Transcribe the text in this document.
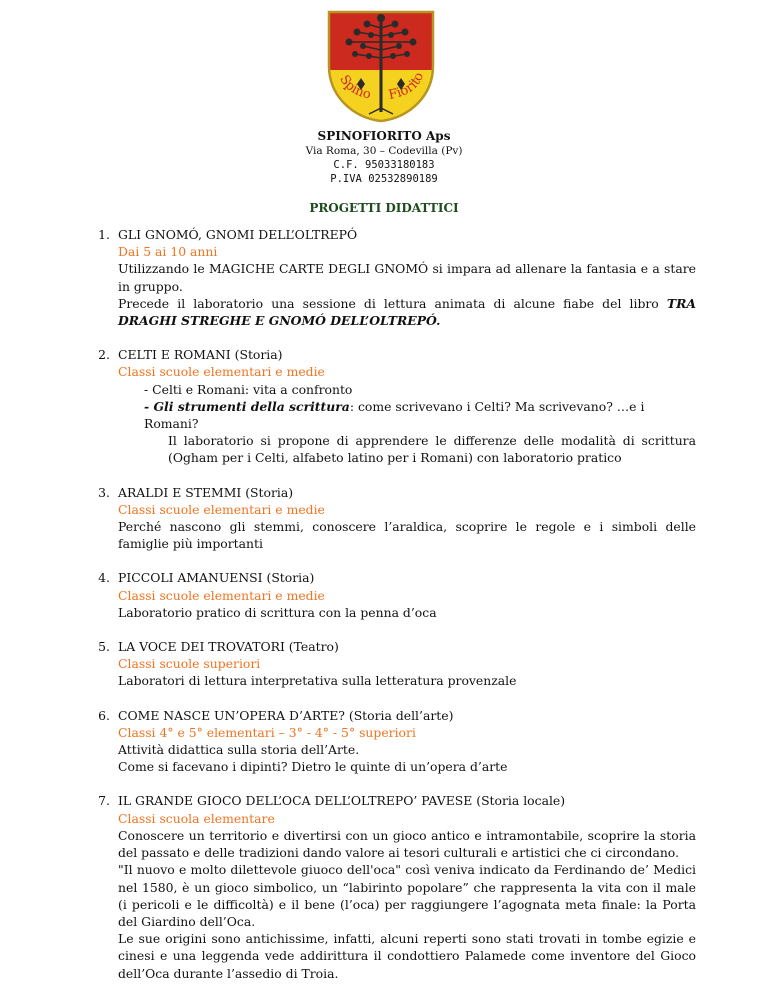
Spino Fiorito
SPINOFIORITO Aps
Via Roma, 30 – Codevilla (Pv)
C.F. 95033180183
P.IVA 02532890189
PROGETTI DIDATTICI
1. GLI GNOMÓ, GNOMI DELL’OLTREPÓ
Dai 5 ai 10 anni
Utilizzando le MAGICHE CARTE DEGLI GNOMÓ si impara ad allenare la fantasia e a stare in gruppo.
Precede il laboratorio una sessione di lettura animata di alcune fiabe del libro TRA DRAGHI STREGHE E GNOMÓ DELL’OLTREPÓ.
2. CELTI E ROMANI (Storia)
Classi scuole elementari e medie
- Celti e Romani: vita a confronto
- Gli strumenti della scrittura: come scrivevano i Celti? Ma scrivevano? …e i Romani?
Il laboratorio si propone di apprendere le differenze delle modalità di scrittura (Ogham per i Celti, alfabeto latino per i Romani) con laboratorio pratico
3. ARALDI E STEMMI (Storia)
Classi scuole elementari e medie
Perché nascono gli stemmi, conoscere l’araldica, scoprire le regole e i simboli delle famiglie più importanti
4. PICCOLI AMANUENSI (Storia)
Classi scuole elementari e medie
Laboratorio pratico di scrittura con la penna d’oca
5. LA VOCE DEI TROVATORI (Teatro)
Classi scuole superiori
Laboratori di lettura interpretativa sulla letteratura provenzale
6. COME NASCE UN’OPERA D’ARTE? (Storia dell’arte)
Classi 4° e 5° elementari – 3° - 4° - 5° superiori
Attività didattica sulla storia dell’Arte.
Come si facevano i dipinti? Dietro le quinte di un’opera d’arte
7. IL GRANDE GIOCO DELL’OCA DELL’OLTREPO’ PAVESE (Storia locale)
Classi scuola elementare
Conoscere un territorio e divertirsi con un gioco antico e intramontabile, scoprire la storia del passato e delle tradizioni dando valore ai tesori culturali e artistici che ci circondano.
"Il nuovo e molto dilettevole giuoco dell'oca" così veniva indicato da Ferdinando de’ Medici nel 1580, è un gioco simbolico, un “labirinto popolare” che rappresenta la vita con il male (i pericoli e le difficoltà) e il bene (l’oca) per raggiungere l’agognata meta finale: la Porta del Giardino dell’Oca.
Le sue origini sono antichissime, infatti, alcuni reperti sono stati trovati in tombe egizie e cinesi e una leggenda vede addirittura il condottiero Palamede come inventore del Gioco dell’Oca durante l’assedio di Troia.
